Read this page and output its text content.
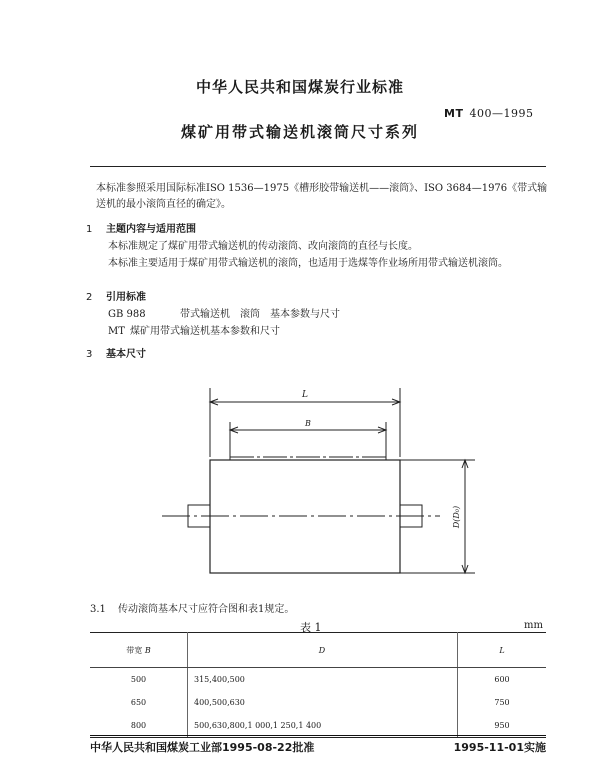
中华人民共和国煤炭行业标准
MT 400—1995
煤矿用带式输送机滚筒尺寸系列
本标准参照采用国际标准ISO 1536—1975《槽形胶带输送机——滚筒》、ISO 3684—1976《带式输送机的最小滚筒直径的确定》。
1 主题内容与适用范围
本标准规定了煤矿用带式输送机的传动滚筒、改向滚筒的直径与长度。
本标准主要适用于煤矿用带式输送机的滚筒，也适用于选煤等作业场所用带式输送机滚筒。
2 引用标准
GB 988	带式输送机　滚筒　基本参数与尺寸
MT 煤矿用带式输送机基本参数和尺寸
3 基本尺寸
L
B
D(D₀)
3.1 传动滚筒基本尺寸应符合图和表1规定。
表 1	mm
带宽 B	D	L
500	315,400,500	600
650	400,500,630	750
800	500,630,800,1 000,1 250,1 400	950
中华人民共和国煤炭工业部1995-08-22批准	1995-11-01实施
